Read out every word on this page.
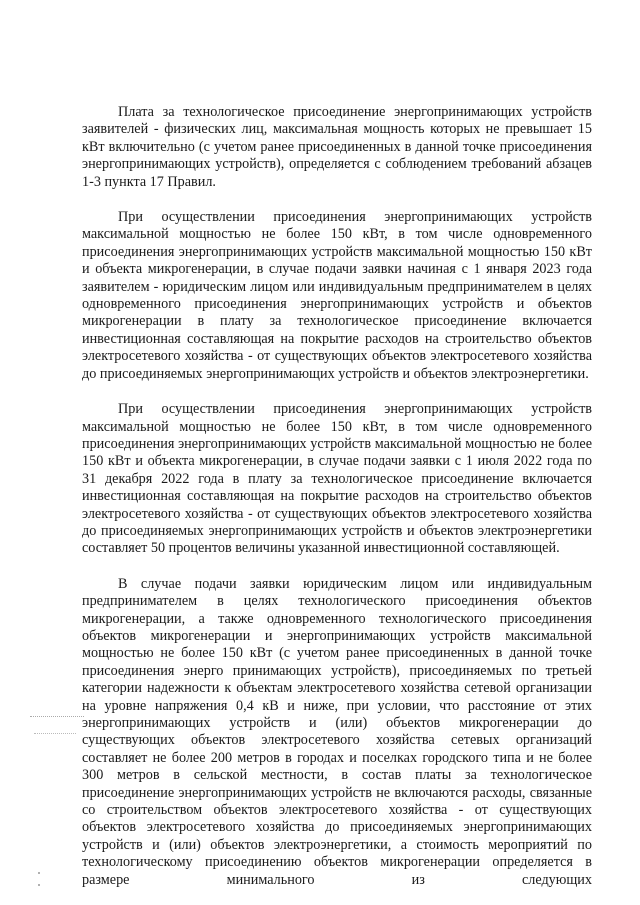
Плата за технологическое присоединение энергопринимающих устройств заявителей - физических лиц, максимальная мощность которых не превышает 15 кВт включительно (с учетом ранее присоединенных в данной точке присоединения энергопринимающих устройств), определяется с соблюдением требований абзацев 1-3 пункта 17 Правил.

При осуществлении присоединения энергопринимающих устройств максимальной мощностью не более 150 кВт, в том числе одновременного присоединения энергопринимающих устройств максимальной мощностью 150 кВт и объекта микрогенерации, в случае подачи заявки начиная с 1 января 2023 года заявителем - юридическим лицом или индивидуальным предпринимателем в целях одновременного присоединения энергопринимающих устройств и объектов микрогенерации в плату за технологическое присоединение включается инвестиционная составляющая на покрытие расходов на строительство объектов электросетевого хозяйства - от существующих объектов электросетевого хозяйства до присоединяемых энергопринимающих устройств и объектов электроэнергетики.

При осуществлении присоединения энергопринимающих устройств максимальной мощностью не более 150 кВт, в том числе одновременного присоединения энергопринимающих устройств максимальной мощностью не более 150 кВт и объекта микрогенерации, в случае подачи заявки с 1 июля 2022 года по 31 декабря 2022 года в плату за технологическое присоединение включается инвестиционная составляющая на покрытие расходов на строительство объектов электросетевого хозяйства - от существующих объектов электросетевого хозяйства до присоединяемых энергопринимающих устройств и объектов электроэнергетики составляет 50 процентов величины указанной инвестиционной составляющей.

В случае подачи заявки юридическим лицом или индивидуальным предпринимателем в целях технологического присоединения объектов микрогенерации, а также одновременного технологического присоединения объектов микрогенерации и энергопринимающих устройств максимальной мощностью не более 150 кВт (с учетом ранее присоединенных в данной точке присоединения энерго принимающих устройств), присоединяемых по третьей категории надежности к объектам электросетевого хозяйства сетевой организации на уровне напряжения 0,4 кВ и ниже, при условии, что расстояние от этих энергопринимающих устройств и (или) объектов микрогенерации до существующих объектов электросетевого хозяйства сетевых организаций составляет не более 200 метров в городах и поселках городского типа и не более 300 метров в сельской местности, в состав платы за технологическое присоединение энергопринимающих устройств не включаются расходы, связанные со строительством объектов электросетевого хозяйства - от существующих объектов электросетевого хозяйства до присоединяемых энергопринимающих устройств и (или) объектов электроэнергетики, а стоимость мероприятий по технологическому присоединению объектов микрогенерации определяется в размере минимального из следующих
